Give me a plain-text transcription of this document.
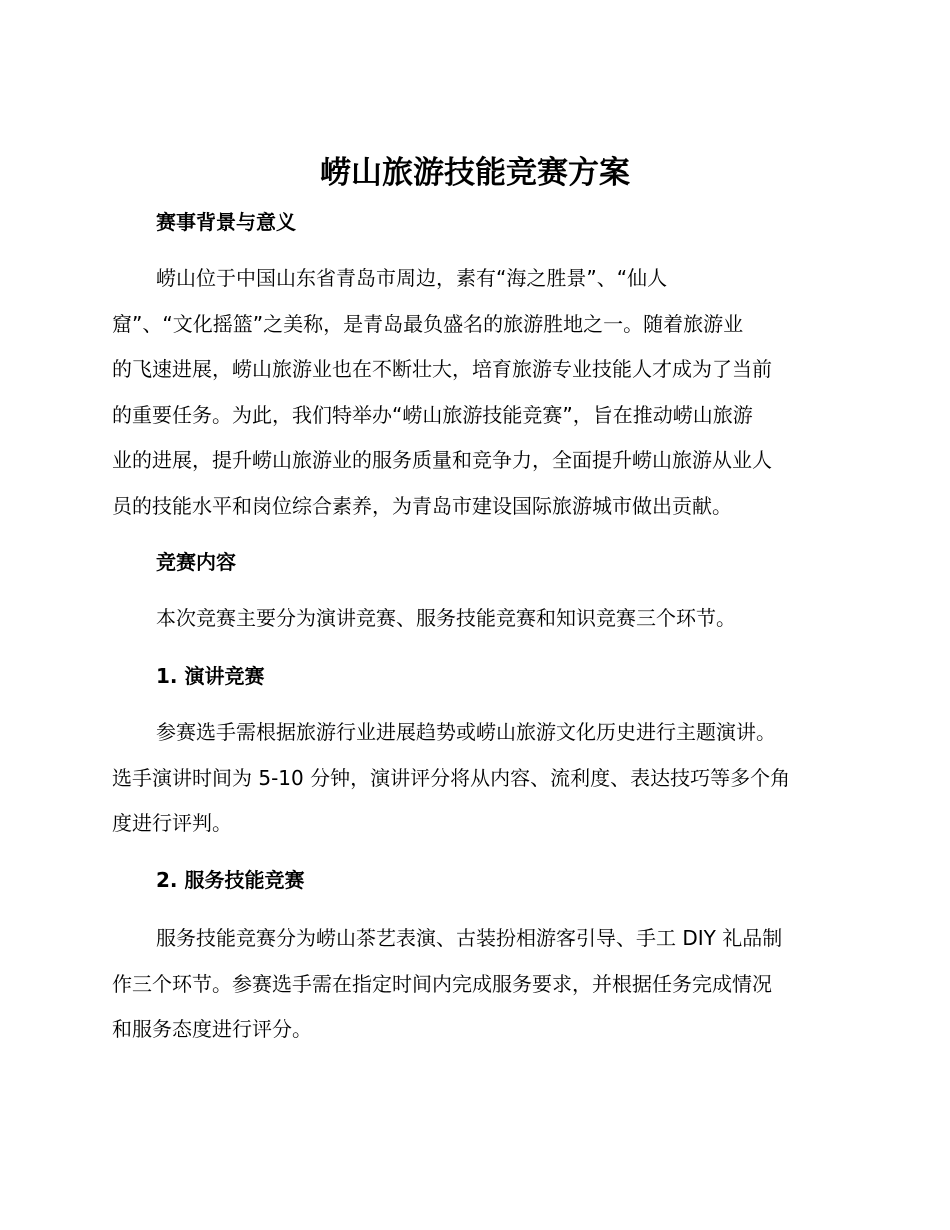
崂山旅游技能竞赛方案
赛事背景与意义
崂山位于中国山东省青岛市周边，素有“海之胜景”、“仙人
窟”、“文化摇篮”之美称，是青岛最负盛名的旅游胜地之一。随着旅游业
的飞速进展，崂山旅游业也在不断壮大，培育旅游专业技能人才成为了当前
的重要任务。为此，我们特举办“崂山旅游技能竞赛”，旨在推动崂山旅游
业的进展，提升崂山旅游业的服务质量和竞争力，全面提升崂山旅游从业人
员的技能水平和岗位综合素养，为青岛市建设国际旅游城市做出贡献。
竞赛内容
本次竞赛主要分为演讲竞赛、服务技能竞赛和知识竞赛三个环节。
1. 演讲竞赛
参赛选手需根据旅游行业进展趋势或崂山旅游文化历史进行主题演讲。
选手演讲时间为 5-10 分钟，演讲评分将从内容、流利度、表达技巧等多个角
度进行评判。
2. 服务技能竞赛
服务技能竞赛分为崂山茶艺表演、古装扮相游客引导、手工 DIY 礼品制
作三个环节。参赛选手需在指定时间内完成服务要求，并根据任务完成情况
和服务态度进行评分。
